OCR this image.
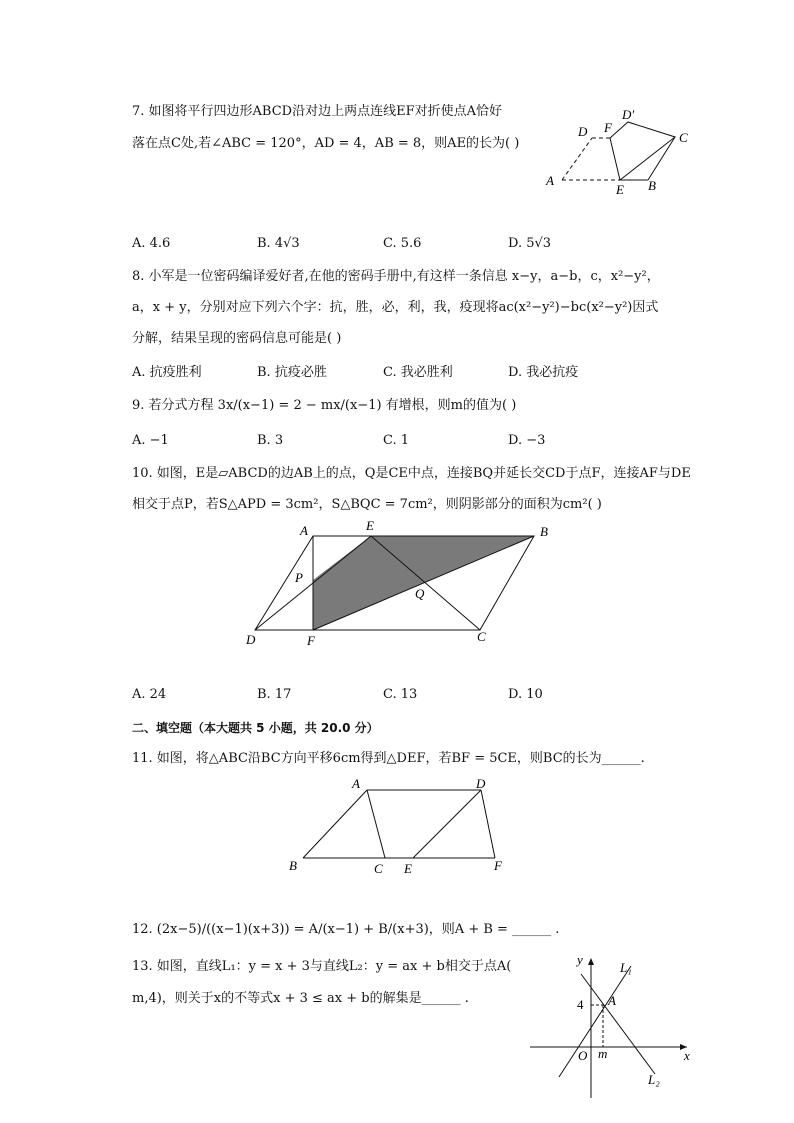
7. 如图将平行四边形ABCD沿对边上两点连线EF对折使点A恰好
落在点C处,若∠ABC = 120°，AD = 4，AB = 8，则AE的长为( )
D′
D F
C
A
E B
A. 4.6	B. 4√3	C. 5.6	D. 5√3
8. 小军是一位密码编译爱好者,在他的密码手册中,有这样一条信息 x−y，a−b，c，x²−y²，
a，x + y，分别对应下列六个字：抗，胜，必，利，我，疫现将ac(x²−y²)−bc(x²−y²)因式
分解，结果呈现的密码信息可能是( )
A. 抗疫胜利	B. 抗疫必胜	C. 我必胜利	D. 我必抗疫
9. 若分式方程 3x/(x−1) = 2 − mx/(x−1) 有增根，则m的值为( )
A. −1	B. 3	C. 1	D. −3
10. 如图，E是▱ABCD的边AB上的点，Q是CE中点，连接BQ并延长交CD于点F，连接AF与DE
相交于点P，若S△APD = 3cm²，S△BQC = 7cm²，则阴影部分的面积为cm²( )
A	E	B
P
Q
D	F	C
A. 24	B. 17	C. 13	D. 10
二、填空题（本大题共 5 小题，共 20.0 分）
11. 如图，将△ABC沿BC方向平移6cm得到△DEF，若BF = 5CE，则BC的长为______.
A	D
B	C E	F
12. (2x−5)/((x−1)(x+3)) = A/(x−1) + B/(x+3)，则A + B = ______ .
13. 如图，直线L₁：y = x + 3与直线L₂：y = ax + b相交于点A(
m,4)，则关于x的不等式x + 3 ≤ ax + b的解集是______ .
y
x
L₁
L₂
A
4
O m
